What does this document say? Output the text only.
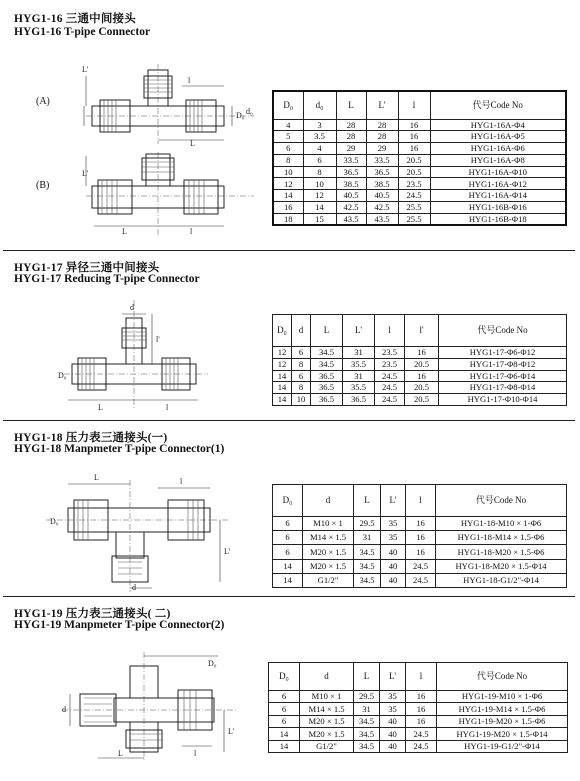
HYG1-16 三通中间接头
HYG1-16 T-pipe Connector
(A)
(B)
l
L
L'
D₀ d₀
L'
L	l
D₀	d₀	L	L'	l	代号Code No
4	3	28	28	16	HYG1-16A-Φ4
5	3.5	28	28	16	HYG1-16A-Φ5
6	4	29	29	16	HYG1-16A-Φ6
8	6	33.5	33.5	20.5	HYG1-16A-Φ8
10	8	36.5	36.5	20.5	HYG1-16A-Φ10
12	10	38.5	38.5	23.5	HYG1-16A-Φ12
14	12	40.5	40.5	24.5	HYG1-16A-Φ14
16	14	42.5	42.5	25.5	HYG1-16B-Φ16
18	15	43.5	43.5	25.5	HYG1-16B-Φ18
HYG1-17 异径三通中间接头
HYG1-17 Reducing T-pipe Connector
d
l'
D₀
L	l
D₀	d	L	L'	l	l'	代号Code No
12	6	34.5	31	23.5	16	HYG1-17-Φ6-Φ12
12	8	34.5	35.5	23.5	20.5	HYG1-17-Φ8-Φ12
14	6	36.5	31	24.5	16	HYG1-17-Φ6-Φ14
14	8	36.5	35.5	24.5	20.5	HYG1-17-Φ8-Φ14
14	10	36.5	36.5	24.5	20.5	HYG1-17-Φ10-Φ14
HYG1-18 压力表三通接头(一)
HYG1-18 Manpmeter T-pipe Connector(1)
L	l
D₀
L'
d
D₀	d	L	L'	l	代号Code No
6	M10 × 1	29.5	35	16	HYG1-18-M10 × 1-Φ6
6	M14 × 1.5	31	35	16	HYG1-18-M14 × 1.5-Φ6
6	M20 × 1.5	34.5	40	16	HYG1-18-M20 × 1.5-Φ6
14	M20 × 1.5	34.5	40	24.5	HYG1-18-M20 × 1.5-Φ14
14	G1/2"	34.5	40	24.5	HYG1-18-G1/2"-Φ14
HYG1-19 压力表三通接头( 二)
HYG1-19 Manpmeter T-pipe Connector(2)
d
D₀
L'
L	l
D₀	d	L	L'	l	代号Code No
6	M10 × 1	29.5	35	16	HYG1-19-M10 × 1-Φ6
6	M14 × 1.5	31	35	16	HYG1-19-M14 × 1.5-Φ6
6	M20 × 1.5	34.5	40	16	HYG1-19-M20 × 1.5-Φ6
14	M20 × 1.5	34.5	40	24.5	HYG1-19-M20 × 1.5-Φ14
14	G1/2"	34.5	40	24.5	HYG1-19-G1/2"-Φ14
